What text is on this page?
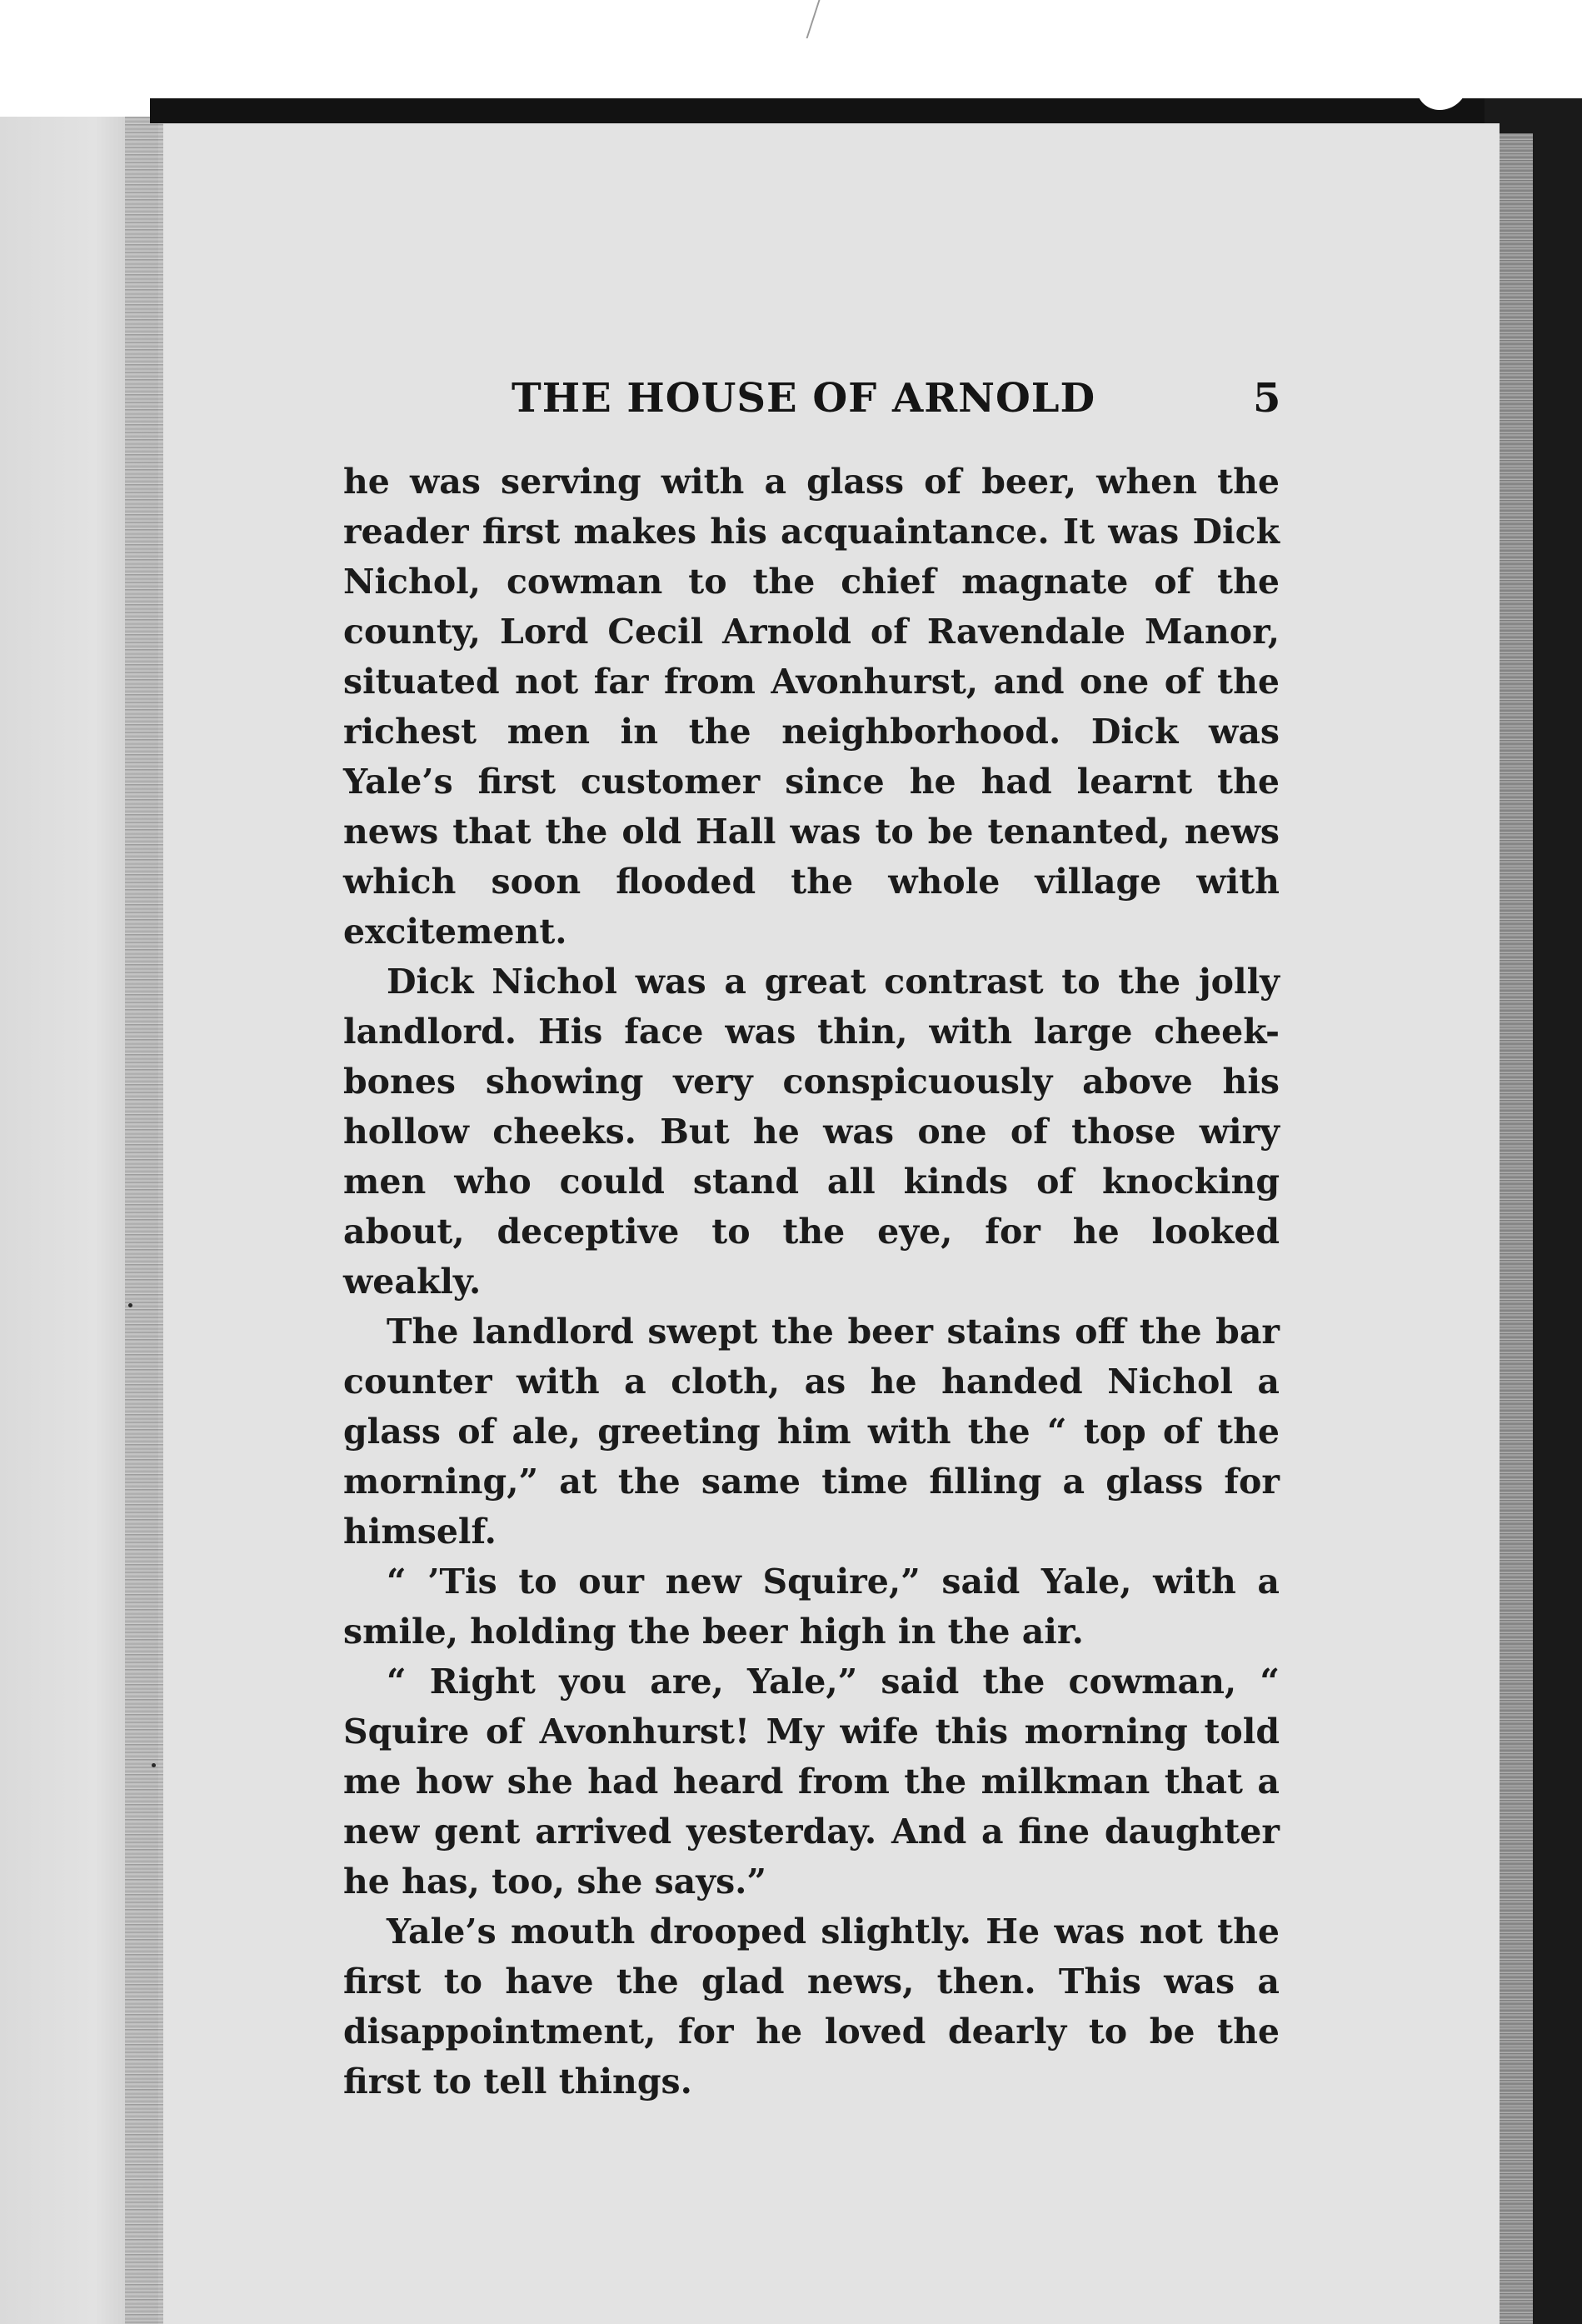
THE HOUSE OF ARNOLD	5

he was serving with a glass of beer, when the reader first makes his acquaintance. It was Dick Nichol, cowman to the chief magnate of the county, Lord Cecil Arnold of Ravendale Manor, situated not far from Avonhurst, and one of the richest men in the neighborhood. Dick was Yale’s first customer since he had learnt the news that the old Hall was to be tenanted, news which soon flooded the whole village with excitement.

Dick Nichol was a great contrast to the jolly landlord. His face was thin, with large cheek-bones showing very conspicuously above his hollow cheeks. But he was one of those wiry men who could stand all kinds of knocking about, deceptive to the eye, for he looked weakly.

The landlord swept the beer stains off the bar counter with a cloth, as he handed Nichol a glass of ale, greeting him with the “ top of the morning,” at the same time filling a glass for himself.

“ ’Tis to our new Squire,” said Yale, with a smile, holding the beer high in the air.

“ Right you are, Yale,” said the cowman, “ Squire of Avonhurst! My wife this morning told me how she had heard from the milkman that a new gent arrived yesterday. And a fine daughter he has, too, she says.”

Yale’s mouth drooped slightly. He was not the first to have the glad news, then. This was a disappointment, for he loved dearly to be the first to tell things.
